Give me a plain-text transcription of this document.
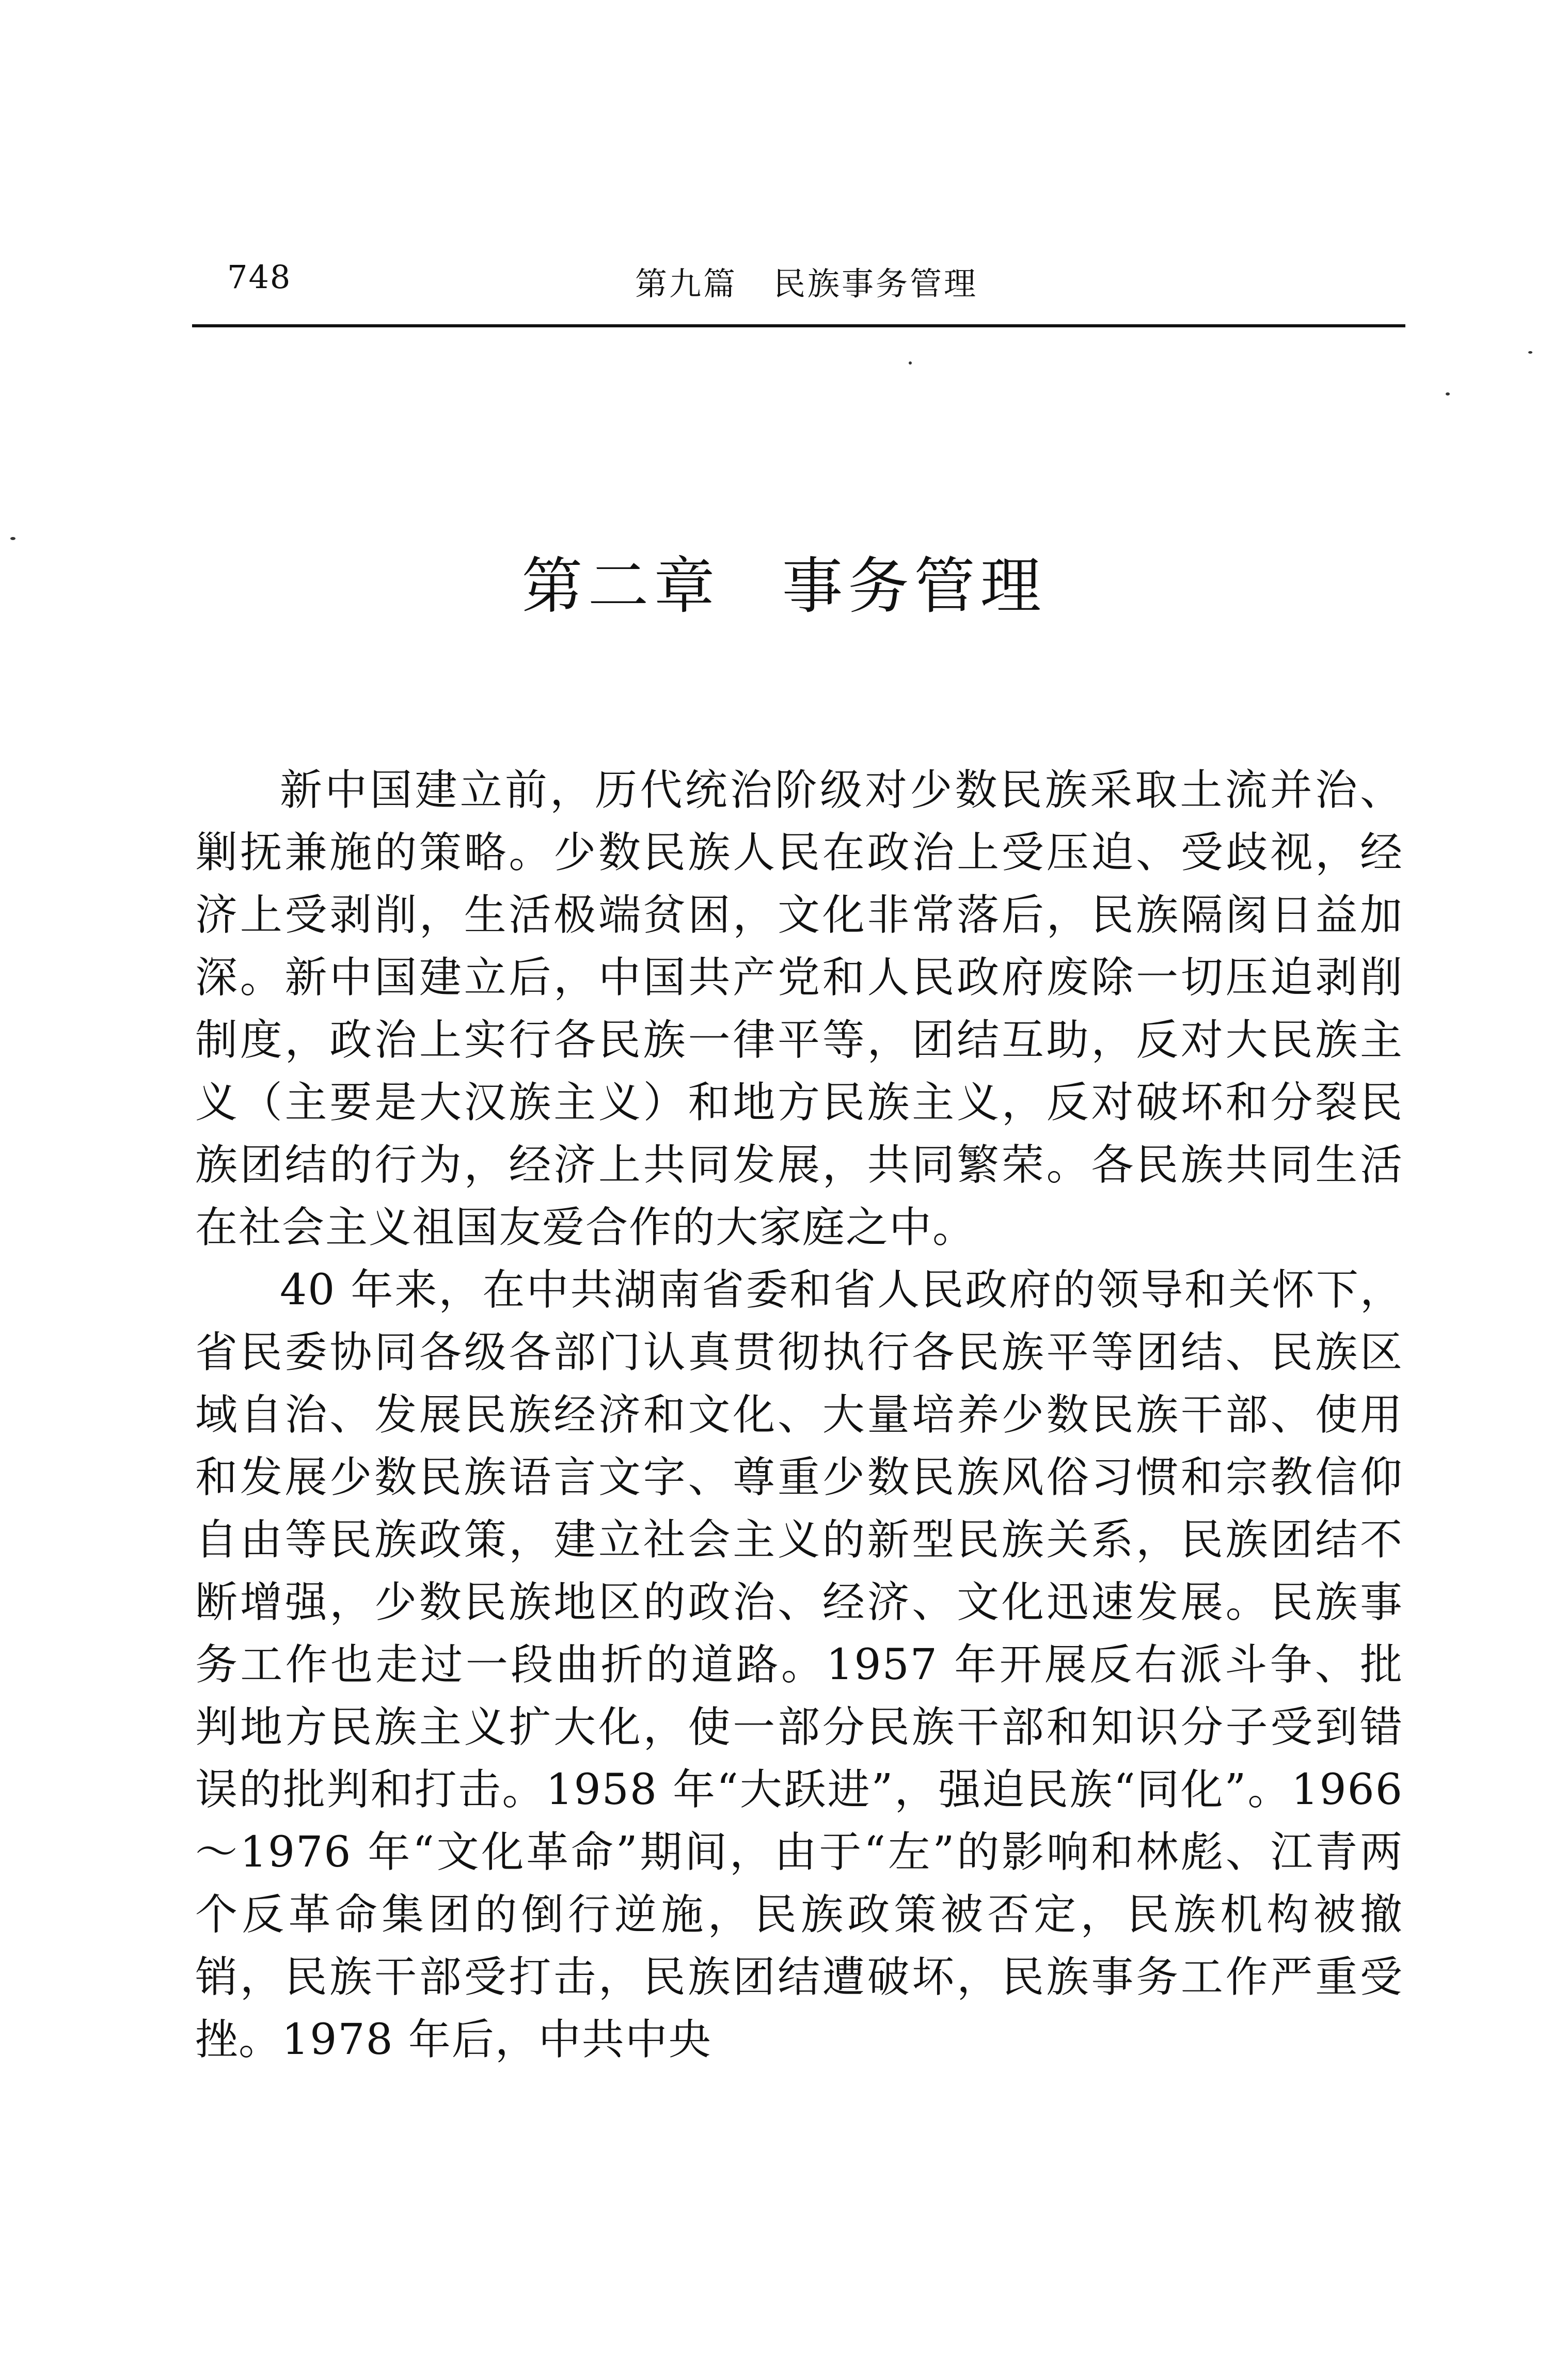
748	第九篇 民族事务管理
第二章 事务管理

新中国建立前，历代统治阶级对少数民族采取土流并治、剿抚兼施的策略。少数民族人民在政治上受压迫、受歧视，经济上受剥削，生活极端贫困，文化非常落后，民族隔阂日益加深。新中国建立后，中国共产党和人民政府废除一切压迫剥削制度，政治上实行各民族一律平等，团结互助，反对大民族主义（主要是大汉族主义）和地方民族主义，反对破坏和分裂民族团结的行为，经济上共同发展，共同繁荣。各民族共同生活在社会主义祖国友爱合作的大家庭之中。

40 年来，在中共湖南省委和省人民政府的领导和关怀下，省民委协同各级各部门认真贯彻执行各民族平等团结、民族区域自治、发展民族经济和文化、大量培养少数民族干部、使用和发展少数民族语言文字、尊重少数民族风俗习惯和宗教信仰自由等民族政策，建立社会主义的新型民族关系，民族团结不断增强，少数民族地区的政治、经济、文化迅速发展。民族事务工作也走过一段曲折的道路。1957 年开展反右派斗争、批判地方民族主义扩大化，使一部分民族干部和知识分子受到错误的批判和打击。1958 年“大跃进”，强迫民族“同化”。1966～1976 年“文化革命”期间，由于“左”的影响和林彪、江青两个反革命集团的倒行逆施，民族政策被否定，民族机构被撤销，民族干部受打击，民族团结遭破坏，民族事务工作严重受挫。1978 年后，中共中央
